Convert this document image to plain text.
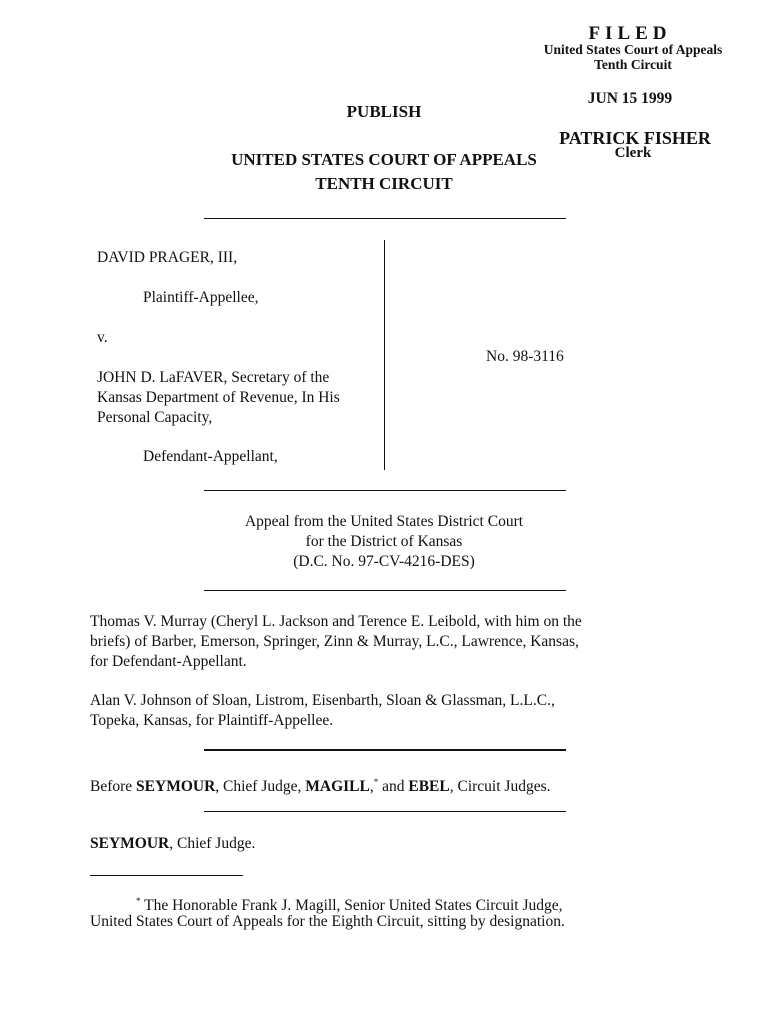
FILED
United States Court of Appeals
Tenth Circuit
JUN 15 1999
PATRICK FISHER
Clerk
PUBLISH
UNITED STATES COURT OF APPEALS
TENTH CIRCUIT
DAVID PRAGER, III,
Plaintiff-Appellee,
v.
JOHN D. LaFAVER, Secretary of the
Kansas Department of Revenue, In His
Personal Capacity,
Defendant-Appellant,
No. 98-3116
Appeal from the United States District Court
for the District of Kansas
(D.C. No. 97-CV-4216-DES)
Thomas V. Murray (Cheryl L. Jackson and Terence E. Leibold, with him on the
briefs) of Barber, Emerson, Springer, Zinn & Murray, L.C., Lawrence, Kansas,
for Defendant-Appellant.
Alan V. Johnson of Sloan, Listrom, Eisenbarth, Sloan & Glassman, L.L.C.,
Topeka, Kansas, for Plaintiff-Appellee.
Before SEYMOUR, Chief Judge, MAGILL,* and EBEL, Circuit Judges.
SEYMOUR, Chief Judge.
* The Honorable Frank J. Magill, Senior United States Circuit Judge,
United States Court of Appeals for the Eighth Circuit, sitting by designation.
